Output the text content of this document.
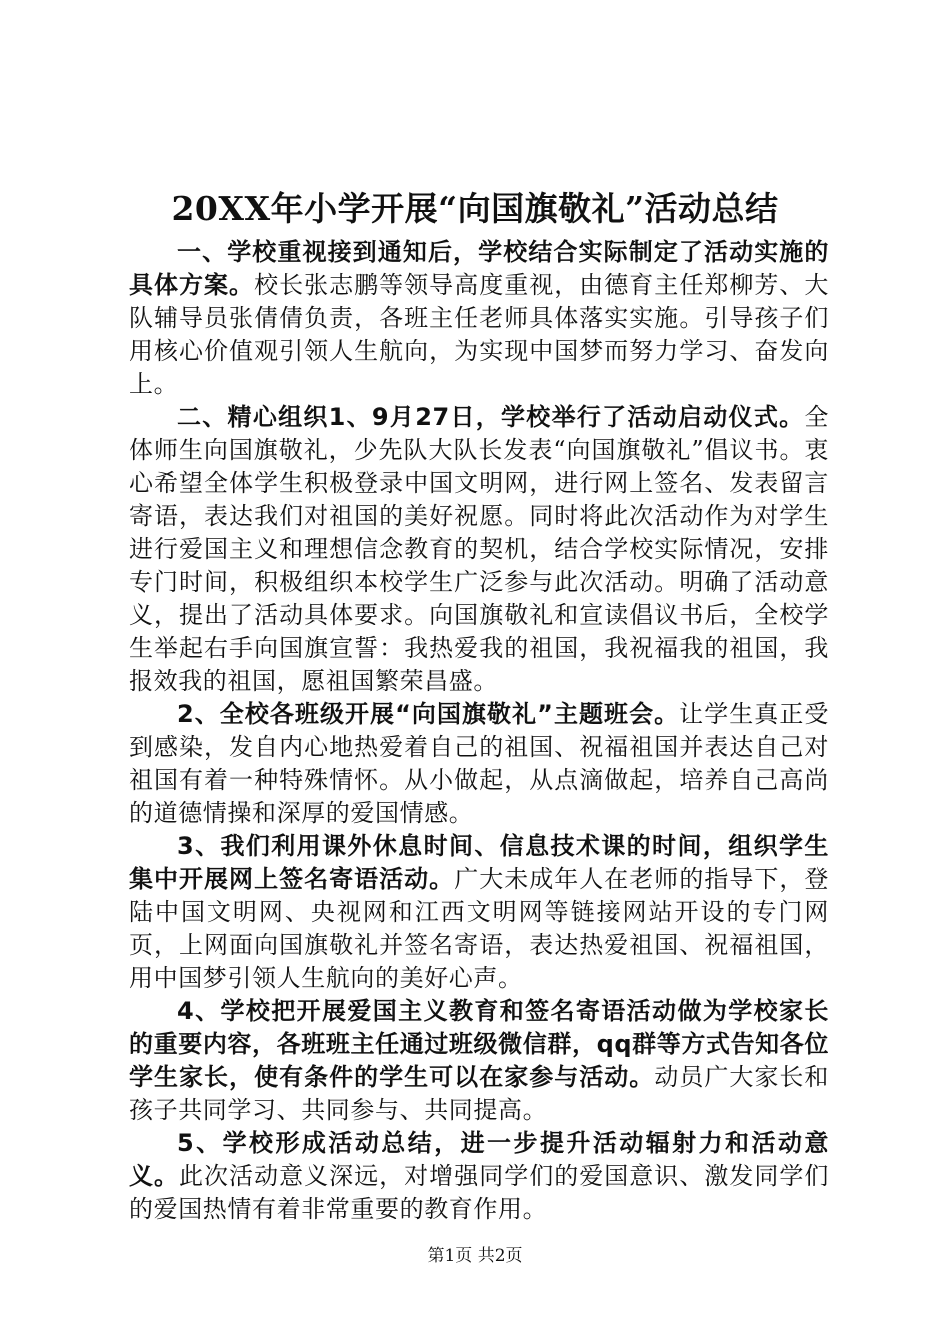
20XX年小学开展“向国旗敬礼”活动总结

一、学校重视接到通知后，学校结合实际制定了活动实施的具体方案。校长张志鹏等领导高度重视，由德育主任郑柳芳、大队辅导员张倩倩负责，各班主任老师具体落实实施。引导孩子们用核心价值观引领人生航向，为实现中国梦而努力学习、奋发向上。

二、精心组织1、9月27日，学校举行了活动启动仪式。全体师生向国旗敬礼，少先队大队长发表“向国旗敬礼”倡议书。衷心希望全体学生积极登录中国文明网，进行网上签名、发表留言寄语，表达我们对祖国的美好祝愿。同时将此次活动作为对学生进行爱国主义和理想信念教育的契机，结合学校实际情况，安排专门时间，积极组织本校学生广泛参与此次活动。明确了活动意义，提出了活动具体要求。向国旗敬礼和宣读倡议书后，全校学生举起右手向国旗宣誓：我热爱我的祖国，我祝福我的祖国，我报效我的祖国，愿祖国繁荣昌盛。

2、全校各班级开展“向国旗敬礼”主题班会。让学生真正受到感染，发自内心地热爱着自己的祖国、祝福祖国并表达自己对祖国有着一种特殊情怀。从小做起，从点滴做起，培养自己高尚的道德情操和深厚的爱国情感。

3、我们利用课外休息时间、信息技术课的时间，组织学生集中开展网上签名寄语活动。广大未成年人在老师的指导下，登陆中国文明网、央视网和江西文明网等链接网站开设的专门网页，上网面向国旗敬礼并签名寄语，表达热爱祖国、祝福祖国，用中国梦引领人生航向的美好心声。

4、学校把开展爱国主义教育和签名寄语活动做为学校家长的重要内容，各班班主任通过班级微信群，qq群等方式告知各位学生家长，使有条件的学生可以在家参与活动。动员广大家长和孩子共同学习、共同参与、共同提高。

5、学校形成活动总结，进一步提升活动辐射力和活动意义。此次活动意义深远，对增强同学们的爱国意识、激发同学们的爱国热情有着非常重要的教育作用。

第1页 共2页
